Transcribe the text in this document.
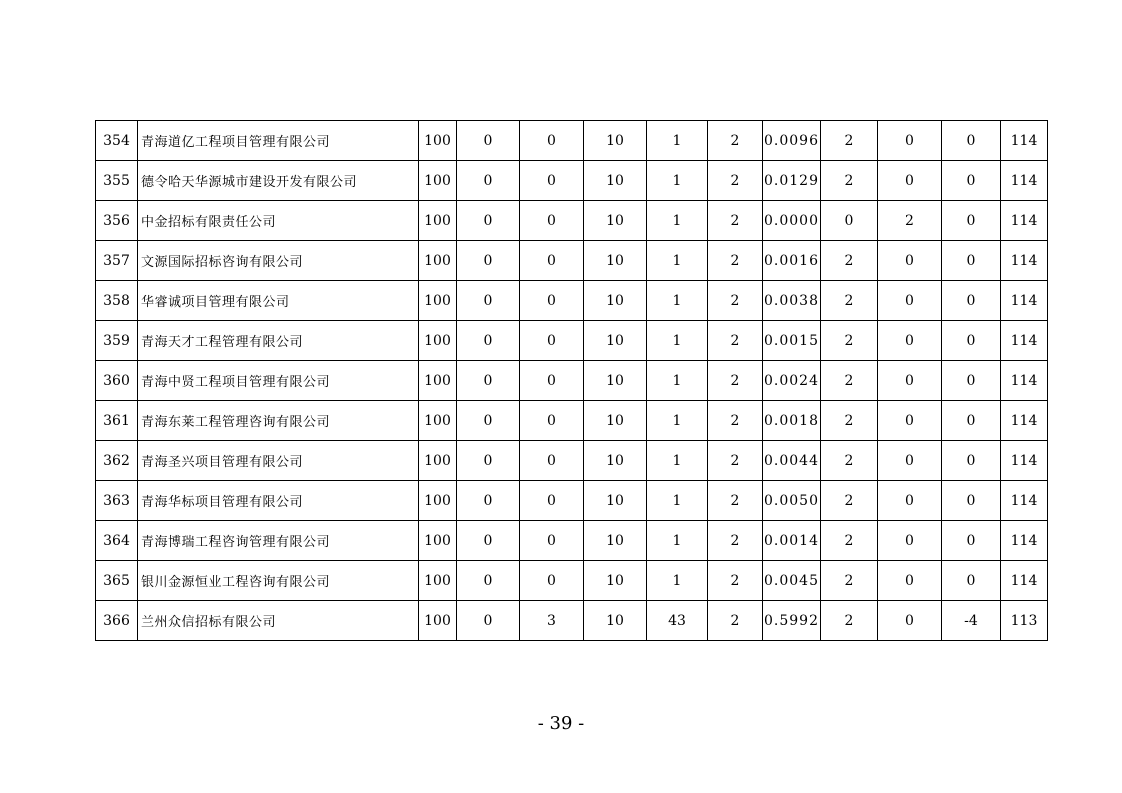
354	青海道亿工程项目管理有限公司	100	0	0	10	1	2	0.0096	2	0	0	114
355	德令哈天华源城市建设开发有限公司	100	0	0	10	1	2	0.0129	2	0	0	114
356	中金招标有限责任公司	100	0	0	10	1	2	0.0000	0	2	0	114
357	文源国际招标咨询有限公司	100	0	0	10	1	2	0.0016	2	0	0	114
358	华睿诚项目管理有限公司	100	0	0	10	1	2	0.0038	2	0	0	114
359	青海天才工程管理有限公司	100	0	0	10	1	2	0.0015	2	0	0	114
360	青海中贤工程项目管理有限公司	100	0	0	10	1	2	0.0024	2	0	0	114
361	青海东莱工程管理咨询有限公司	100	0	0	10	1	2	0.0018	2	0	0	114
362	青海圣兴项目管理有限公司	100	0	0	10	1	2	0.0044	2	0	0	114
363	青海华标项目管理有限公司	100	0	0	10	1	2	0.0050	2	0	0	114
364	青海博瑞工程咨询管理有限公司	100	0	0	10	1	2	0.0014	2	0	0	114
365	银川金源恒业工程咨询有限公司	100	0	0	10	1	2	0.0045	2	0	0	114
366	兰州众信招标有限公司	100	0	3	10	43	2	0.5992	2	0	-4	113
- 39 -
